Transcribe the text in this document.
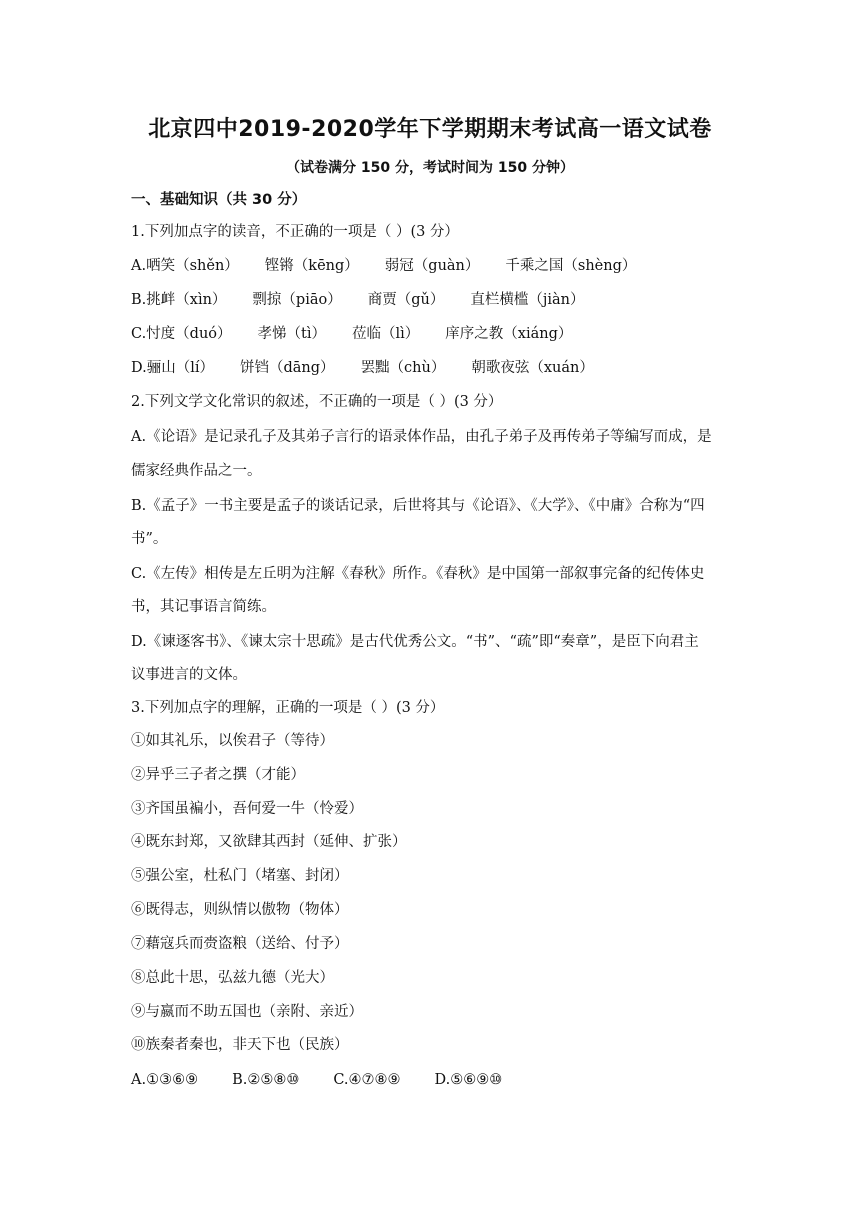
北京四中2019-2020学年下学期期末考试高一语文试卷
（试卷满分 150 分，考试时间为 150 分钟）
一、基础知识（共 30 分）
1.下列加点字的读音，不正确的一项是（ ）(3 分）
A.哂笑（shěn） 铿锵（kēng） 弱冠（guàn） 千乘之国（shèng）
B.挑衅（xìn） 剽掠（piāo） 商贾（gǔ） 直栏横槛（jiàn）
C.忖度（duó） 孝悌（tì） 莅临（lì） 庠序之教（xiáng）
D.骊山（lí） 饼铛（dāng） 罢黜（chù） 朝歌夜弦（xuán）
2.下列文学文化常识的叙述，不正确的一项是（ ）(3 分）
A.《论语》是记录孔子及其弟子言行的语录体作品，由孔子弟子及再传弟子等编写而成，是
儒家经典作品之一。
B.《孟子》一书主要是孟子的谈话记录，后世将其与《论语》、《大学》、《中庸》合称为“四
书”。
C.《左传》相传是左丘明为注解《春秋》所作。《春秋》是中国第一部叙事完备的纪传体史
书，其记事语言简练。
D.《谏逐客书》、《谏太宗十思疏》是古代优秀公文。“书”、“疏”即“奏章”，是臣下向君主
议事进言的文体。
3.下列加点字的理解，正确的一项是（ ）(3 分）
①如其礼乐，以俟君子（等待）
②异乎三子者之撰（才能）
③齐国虽褊小，吾何爱一牛（怜爱）
④既东封郑，又欲肆其西封（延伸、扩张）
⑤强公室，杜私门（堵塞、封闭）
⑥既得志，则纵情以傲物（物体）
⑦藉寇兵而赍盗粮（送给、付予）
⑧总此十思，弘兹九德（光大）
⑨与嬴而不助五国也（亲附、亲近）
⑩族秦者秦也，非天下也（民族）
A.①③⑥⑨ B.②⑤⑧⑩ C.④⑦⑧⑨ D.⑤⑥⑨⑩
